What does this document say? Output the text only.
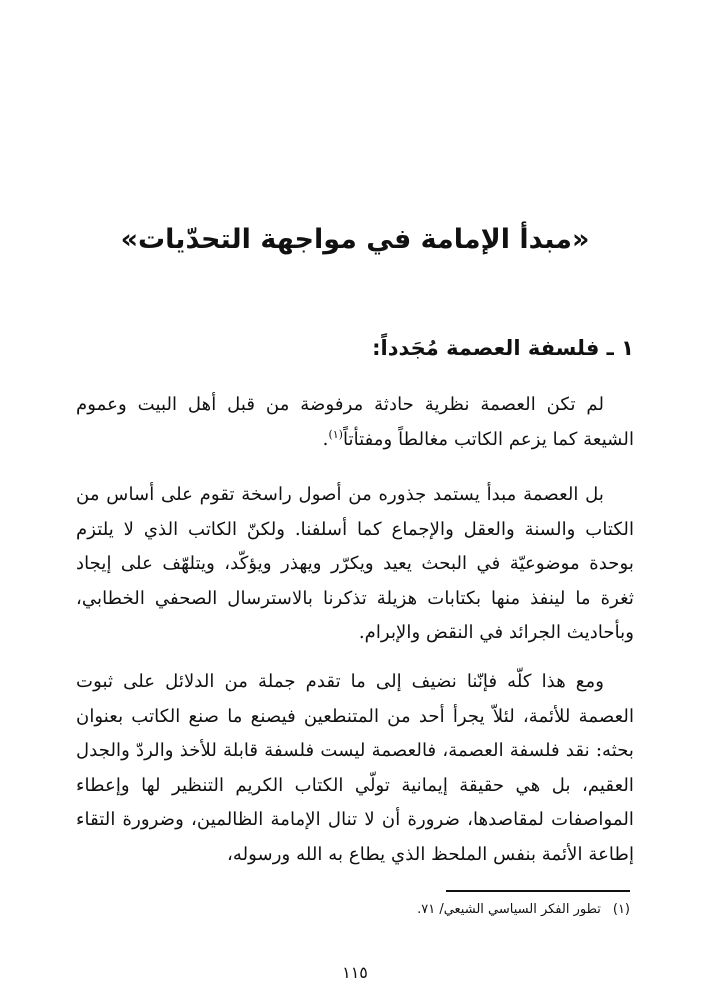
«مبدأ الإمامة في مواجهة التحدّيات»
١ ـ فلسفة العصمة مُجَدداً:

لم تكن العصمة نظرية حادثة مرفوضة من قبل أهل البيت وعموم الشيعة كما يزعم الكاتب مغالطاً ومفتأتاً$^{(١)}$.

بل العصمة مبدأ يستمد جذوره من أصول راسخة تقوم على أساس من الكتاب والسنة والعقل والإجماع كما أسلفنا. ولكنّ الكاتب الذي لا يلتزم بوحدة موضوعيّة في البحث يعيد ويكرّر ويهذر ويؤكّد، ويتلهّف على إيجاد ثغرة ما لينفذ منها بكتابات هزيلة تذكرنا بالاسترسال الصحفي الخطابي، وبأحاديث الجرائد في النقض والإبرام.

ومع هذا كلّه فإنّنا نضيف إلى ما تقدم جملة من الدلائل على ثبوت العصمة للأئمة، لئلاّ يجرأ أحد من المتنطعين فيصنع ما صنع الكاتب بعنوان بحثه: نقد فلسفة العصمة، فالعصمة ليست فلسفة قابلة للأخذ والردّ والجدل العقيم، بل هي حقيقة إيمانية تولّي الكتاب الكريم التنظير لها وإعطاء المواصفات لمقاصدها، ضرورة أن لا تنال الإمامة الظالمين، وضرورة التقاء إطاعة الأئمة بنفس الملحظ الذي يطاع به الله ورسوله،

(١)تطور الفكر السياسي الشيعي/ ٧١.
١١٥
